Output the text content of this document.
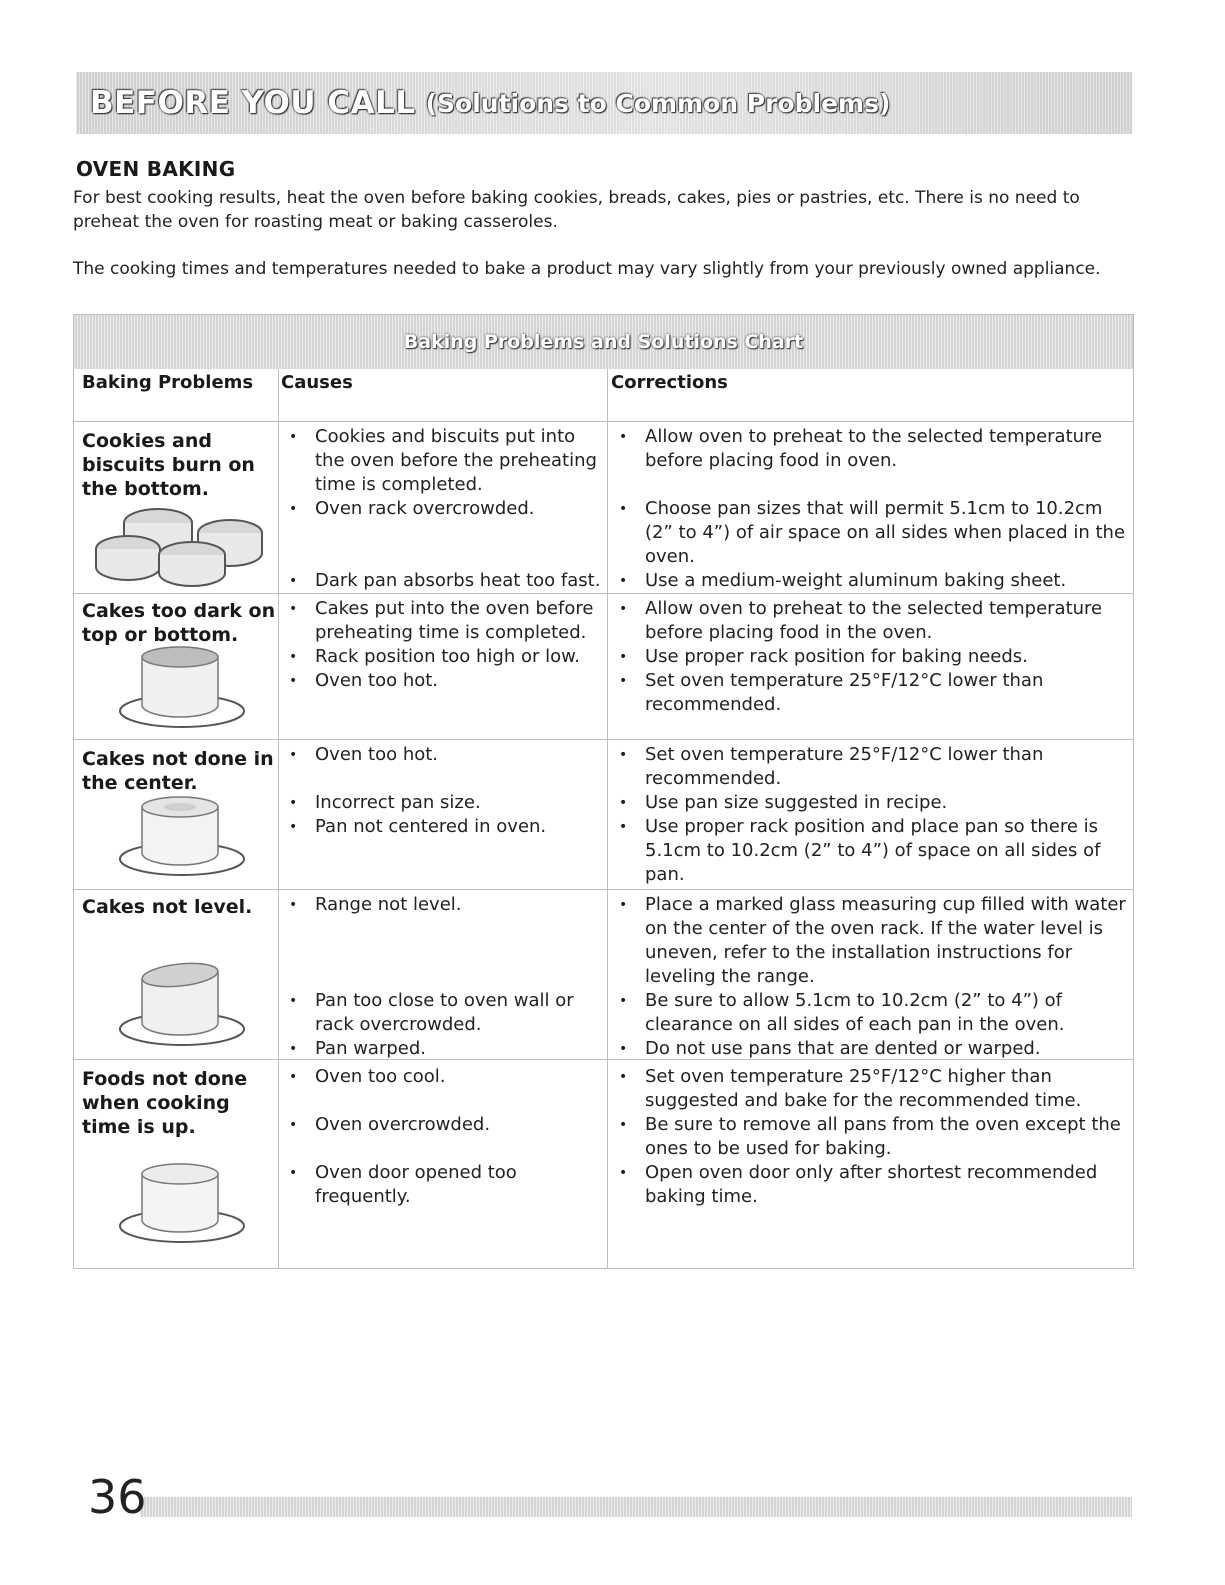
BEFORE YOU CALL (Solutions to Common Problems)
OVEN BAKING
For best cooking results, heat the oven before baking cookies, breads, cakes, pies or pastries, etc. There is no need to preheat the oven for roasting meat or baking casseroles.
The cooking times and temperatures needed to bake a product may vary slightly from your previously owned appliance.
Baking Problems and Solutions Chart
Baking Problems	Causes	Corrections
Cookies and biscuits burn on the bottom.
• Cookies and biscuits put into the oven before the preheating time is completed.
• Oven rack overcrowded.
• Dark pan absorbs heat too fast.
• Allow oven to preheat to the selected temperature before placing food in oven.
• Choose pan sizes that will permit 5.1cm to 10.2cm (2” to 4”) of air space on all sides when placed in the oven.
• Use a medium-weight aluminum baking sheet.
Cakes too dark on top or bottom.
• Cakes put into the oven before preheating time is completed.
• Rack position too high or low.
• Oven too hot.
• Allow oven to preheat to the selected temperature before placing food in the oven.
• Use proper rack position for baking needs.
• Set oven temperature 25°F/12°C lower than recommended.
Cakes not done in the center.
• Oven too hot.
• Incorrect pan size.
• Pan not centered in oven.
• Set oven temperature 25°F/12°C lower than recommended.
• Use pan size suggested in recipe.
• Use proper rack position and place pan so there is 5.1cm to 10.2cm (2” to 4”) of space on all sides of pan.
Cakes not level.
•	Range not level.
• Pan too close to oven wall or rack overcrowded.
• Pan warped.
• Place a marked glass measuring cup filled with water on the center of the oven rack. If the water level is uneven, refer to the installation instructions for leveling the range.
• Be sure to allow 5.1cm to 10.2cm (2” to 4”) of clearance on all sides of each pan in the oven.
• Do not use pans that are dented or warped.
Foods not done when cooking time is up.
• Oven too cool.
• Oven overcrowded.
• Oven door opened too frequently.
• Set oven temperature 25°F/12°C higher than suggested and bake for the recommended time.
• Be sure to remove all pans from the oven except the ones to be used for baking.
• Open oven door only after shortest recommended baking time.
36
